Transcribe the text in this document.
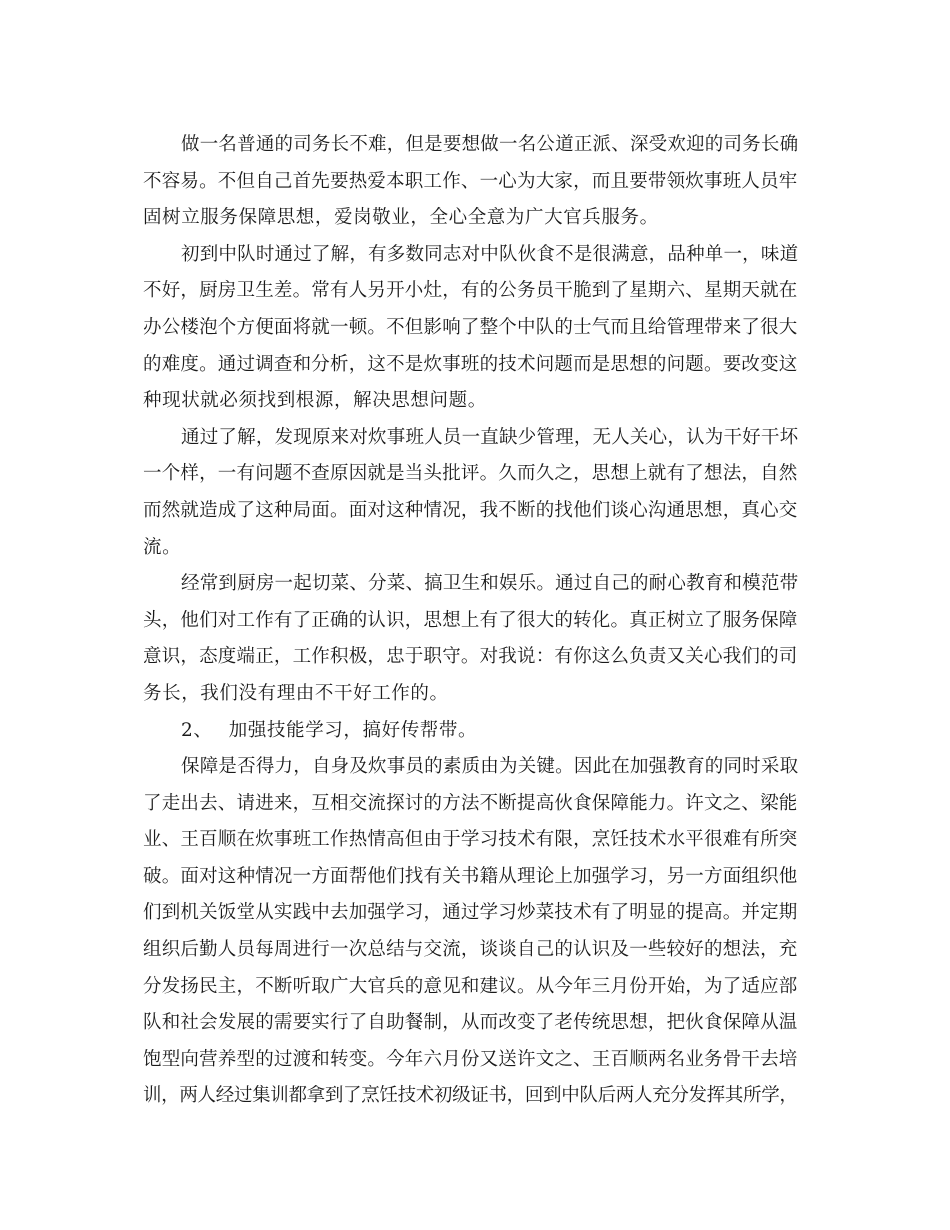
做一名普通的司务长不难，但是要想做一名公道正派、深受欢迎的司务长确
不容易。不但自己首先要热爱本职工作、一心为大家，而且要带领炊事班人员牢
固树立服务保障思想，爱岗敬业，全心全意为广大官兵服务。
初到中队时通过了解，有多数同志对中队伙食不是很满意，品种单一，味道
不好，厨房卫生差。常有人另开小灶，有的公务员干脆到了星期六、星期天就在
办公楼泡个方便面将就一顿。不但影响了整个中队的士气而且给管理带来了很大
的难度。通过调查和分析，这不是炊事班的技术问题而是思想的问题。要改变这
种现状就必须找到根源，解决思想问题。
通过了解，发现原来对炊事班人员一直缺少管理，无人关心，认为干好干坏
一个样，一有问题不查原因就是当头批评。久而久之，思想上就有了想法，自然
而然就造成了这种局面。面对这种情况，我不断的找他们谈心沟通思想，真心交
流。
经常到厨房一起切菜、分菜、搞卫生和娱乐。通过自己的耐心教育和模范带
头，他们对工作有了正确的认识，思想上有了很大的转化。真正树立了服务保障
意识，态度端正，工作积极，忠于职守。对我说：有你这么负责又关心我们的司
务长，我们没有理由不干好工作的。
2、　 加强技能学习，搞好传帮带。
保障是否得力，自身及炊事员的素质由为关键。因此在加强教育的同时采取
了走出去、请进来，互相交流探讨的方法不断提高伙食保障能力。许文之、梁能
业、王百顺在炊事班工作热情高但由于学习技术有限，烹饪技术水平很难有所突
破。面对这种情况一方面帮他们找有关书籍从理论上加强学习，另一方面组织他
们到机关饭堂从实践中去加强学习，通过学习炒菜技术有了明显的提高。并定期
组织后勤人员每周进行一次总结与交流，谈谈自己的认识及一些较好的想法，充
分发扬民主，不断听取广大官兵的意见和建议。从今年三月份开始，为了适应部
队和社会发展的需要实行了自助餐制，从而改变了老传统思想，把伙食保障从温
饱型向营养型的过渡和转变。今年六月份又送许文之、王百顺两名业务骨干去培
训，两人经过集训都拿到了烹饪技术初级证书，回到中队后两人充分发挥其所学，
